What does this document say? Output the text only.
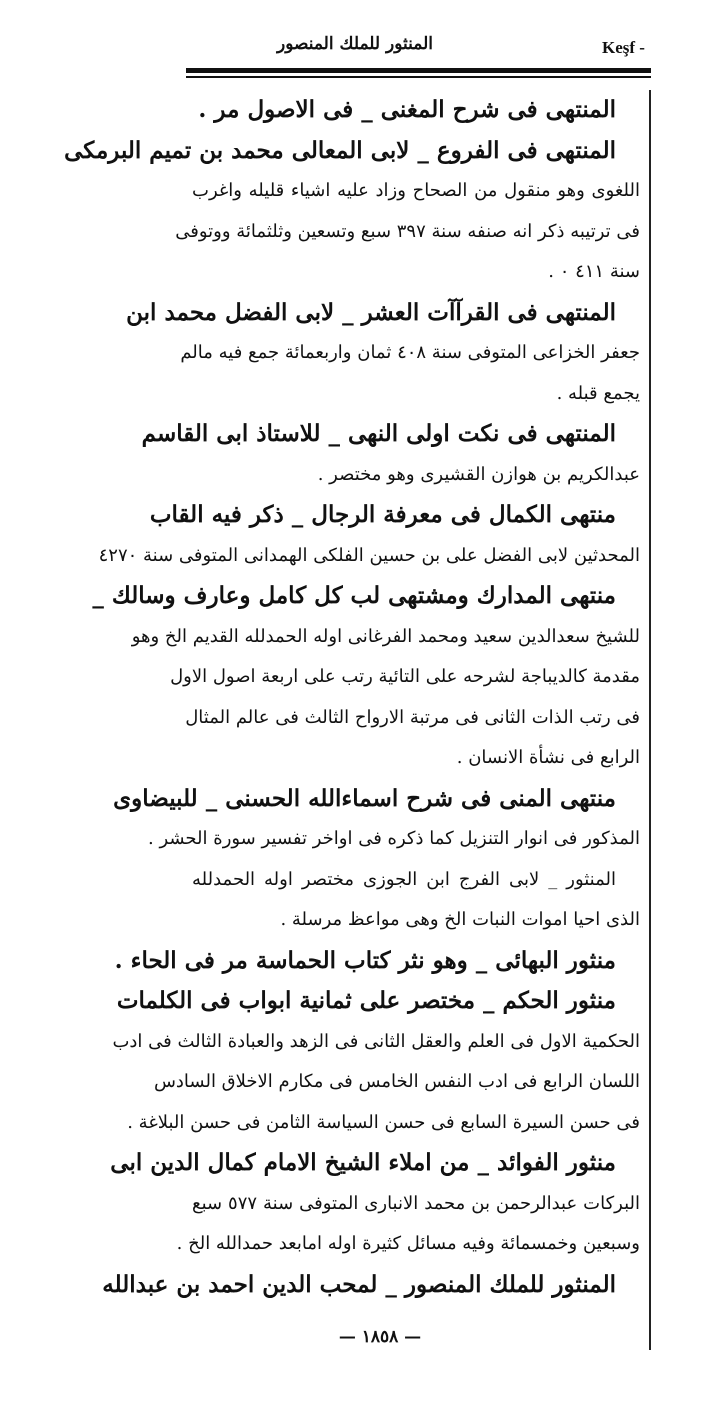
Keşf -
المنثور للملك المنصور
المنتهى فى شرح المغنى _ فى الاصول مر .
المنتهى فى الفروع _ لابى المعالى محمد بن تميم البرمكى
اللغوى وهو منقول من الصحاح وزاد عليه اشياء قليله واغرب
فى ترتيبه ذكر انه صنفه سنة ٣٩٧ سبع وتسعين وثلثمائة ووتوفى
سنة ٤١١ ٠ .
المنتهى فى القرآآت العشر _ لابى الفضل محمد ابن
جعفر الخزاعى المتوفى سنة ٤٠٨ ثمان واربعمائة جمع فيه مالم
يجمع قبله .
المنتهى فى نكت اولى النهى _ للاستاذ ابى القاسم
عبدالكريم بن هوازن القشيرى وهو مختصر .
منتهى الكمال فى معرفة الرجال _ ذكر فيه القاب
المحدثين لابى الفضل على بن حسين الفلكى الهمدانى المتوفى سنة ٤٢٧٠
منتهى المدارك ومشتهى لب كل كامل وعارف وسالك _
للشيخ سعدالدين سعيد ومحمد الفرغانى اوله الحمدلله القديم الخ وهو
مقدمة كالديباجة لشرحه على التائية رتب على اربعة اصول الاول
فى رتب الذات الثانى فى مرتبة الارواح الثالث فى عالم المثال
الرابع فى نشأة الانسان .
منتهى المنى فى شرح اسماءالله الحسنى _ للبيضاوى
المذكور فى انوار التنزيل كما ذكره فى اواخر تفسير سورة الحشر .
المنثور _ لابى الفرج ابن الجوزى مختصر اوله الحمدلله
الذى احيا اموات النبات الخ وهى مواعظ مرسلة .
منثور البهائى _ وهو نثر كتاب الحماسة مر فى الحاء .
منثور الحكم _ مختصر على ثمانية ابواب فى الكلمات
الحكمية الاول فى العلم والعقل الثانى فى الزهد والعبادة الثالث فى ادب
اللسان الرابع فى ادب النفس الخامس فى مكارم الاخلاق السادس
فى حسن السيرة السابع فى حسن السياسة الثامن فى حسن البلاغة .
منثور الفوائد _ من املاء الشيخ الامام كمال الدين ابى
البركات عبدالرحمن بن محمد الانبارى المتوفى سنة ٥٧٧ سبع
وسبعين وخمسمائة وفيه مسائل كثيرة اوله امابعد حمدالله الخ .
المنثور للملك المنصور _ لمحب الدين احمد بن عبدالله
— ١٨٥٨ —
